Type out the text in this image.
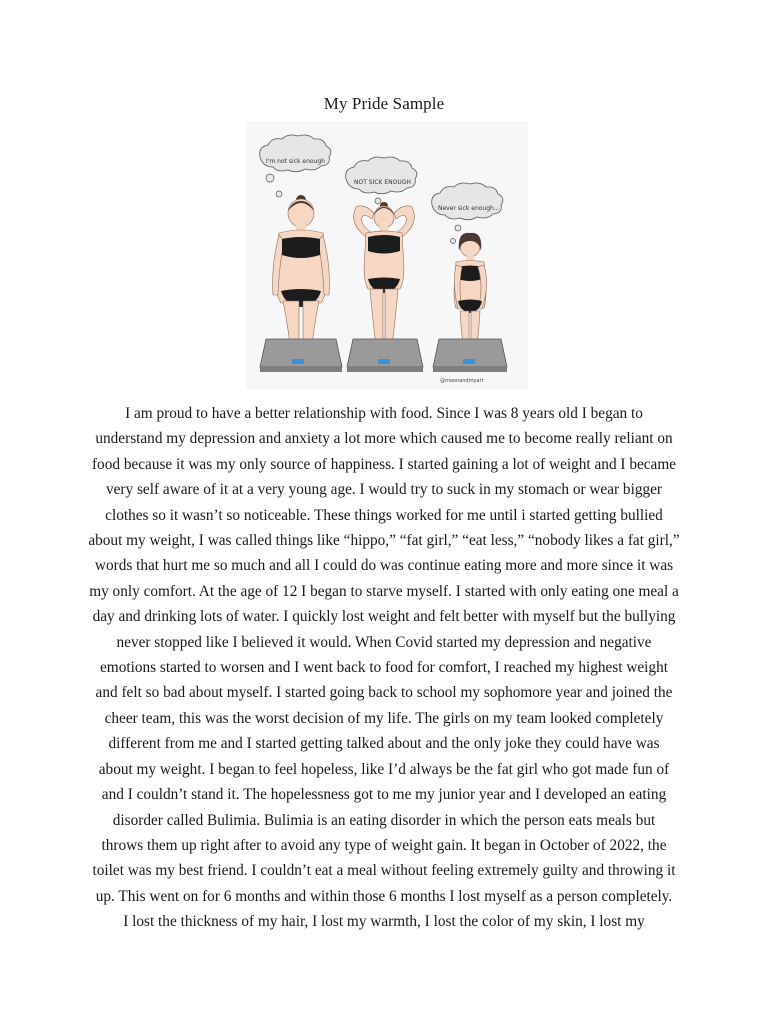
My Pride Sample
I'm not sick enough
NOT SICK ENOUGH
Never sick enough...
@moonandmyart
I am proud to have a better relationship with food. Since I was 8 years old I began to
understand my depression and anxiety a lot more which caused me to become really reliant on
food because it was my only source of happiness. I started gaining a lot of weight and I became
very self aware of it at a very young age. I would try to suck in my stomach or wear bigger
clothes so it wasn’t so noticeable. These things worked for me until i started getting bullied
about my weight, I was called things like “hippo,” “fat girl,” “eat less,” “nobody likes a fat girl,”
words that hurt me so much and all I could do was continue eating more and more since it was
my only comfort. At the age of 12 I began to starve myself. I started with only eating one meal a
day and drinking lots of water. I quickly lost weight and felt better with myself but the bullying
never stopped like I believed it would. When Covid started my depression and negative
emotions started to worsen and I went back to food for comfort, I reached my highest weight
and felt so bad about myself. I started going back to school my sophomore year and joined the
cheer team, this was the worst decision of my life. The girls on my team looked completely
different from me and I started getting talked about and the only joke they could have was
about my weight. I began to feel hopeless, like I’d always be the fat girl who got made fun of
and I couldn’t stand it. The hopelessness got to me my junior year and I developed an eating
disorder called Bulimia. Bulimia is an eating disorder in which the person eats meals but
throws them up right after to avoid any type of weight gain. It began in October of 2022, the
toilet was my best friend. I couldn’t eat a meal without feeling extremely guilty and throwing it
up. This went on for 6 months and within those 6 months I lost myself as a person completely.
I lost the thickness of my hair, I lost my warmth, I lost the color of my skin, I lost my
